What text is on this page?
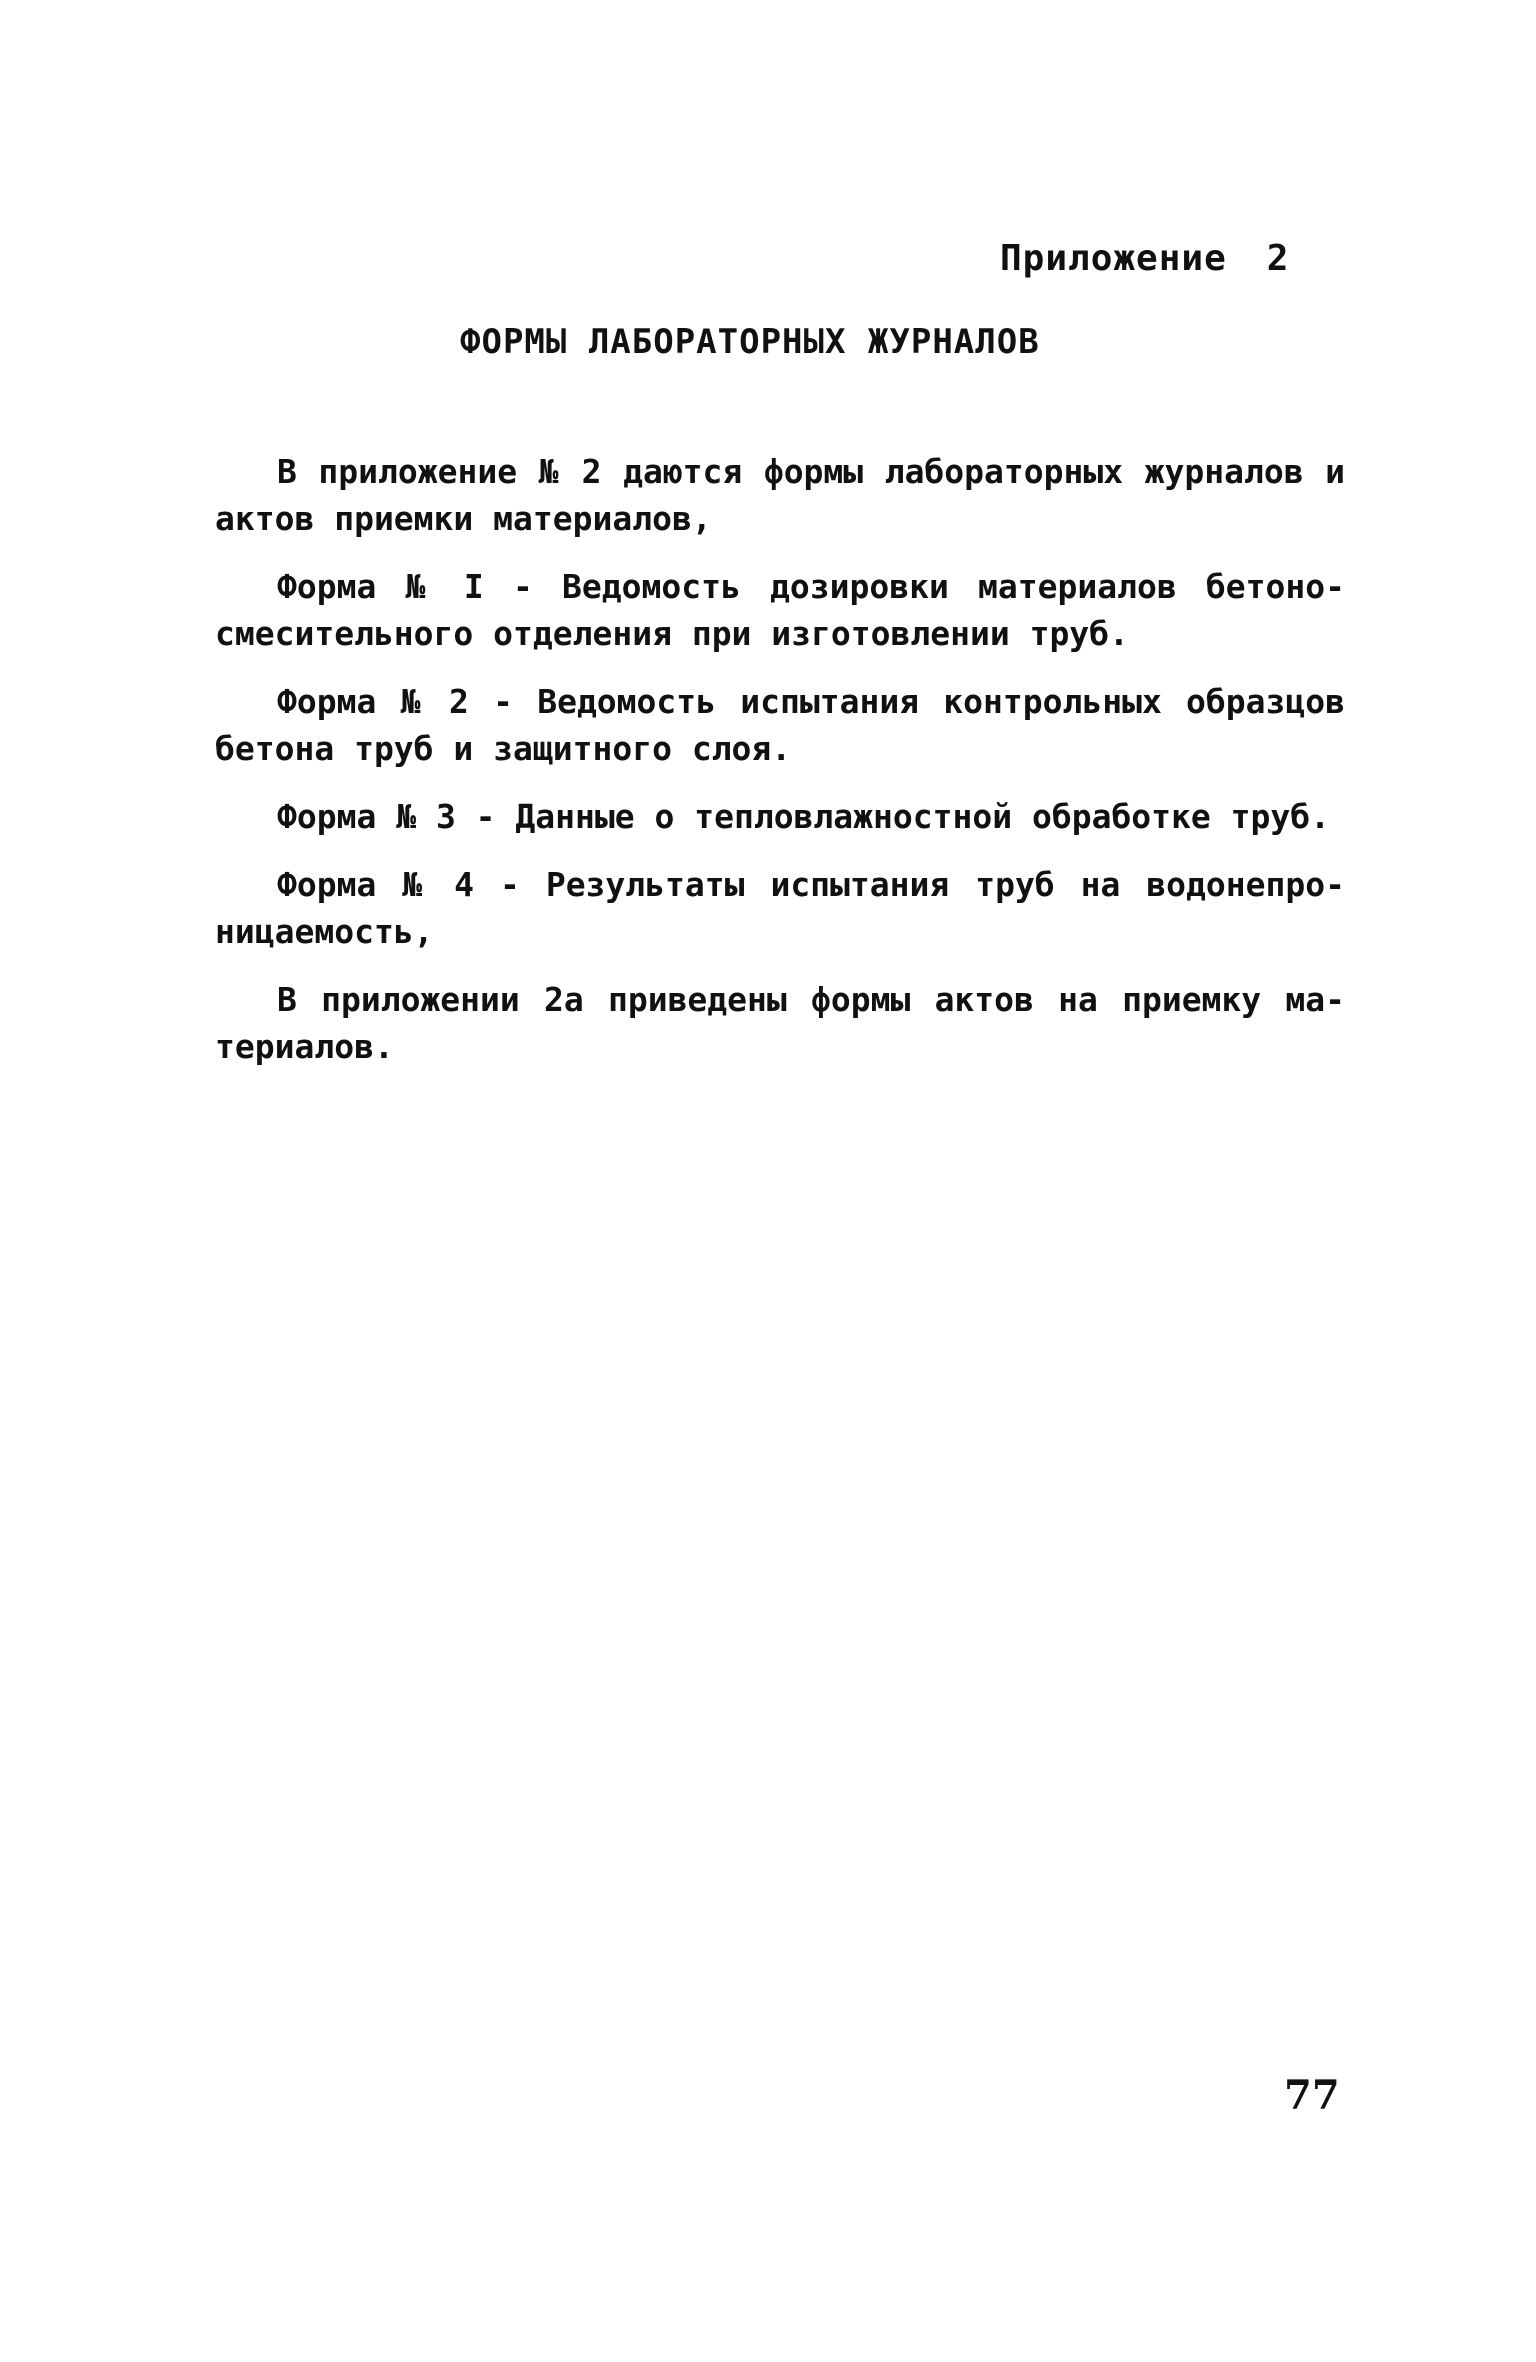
Приложение 2
ФОРМЫ ЛАБОРАТОРНЫХ ЖУРНАЛОВ

В приложение № 2 даются формы лабораторных журналов и актов приемки материалов,

Форма № I - Ведомость дозировки материалов бетоно-смесительного отделения при изготовлении труб.

Форма № 2 - Ведомость испытания контрольных образцов бетона труб и защитного слоя.

Форма № 3 - Данные о тепловлажностной обработке труб.

Форма № 4 - Результаты испытания труб на водонепро-ницаемость,

В приложении 2а приведены формы актов на приемку ма-териалов.

77
